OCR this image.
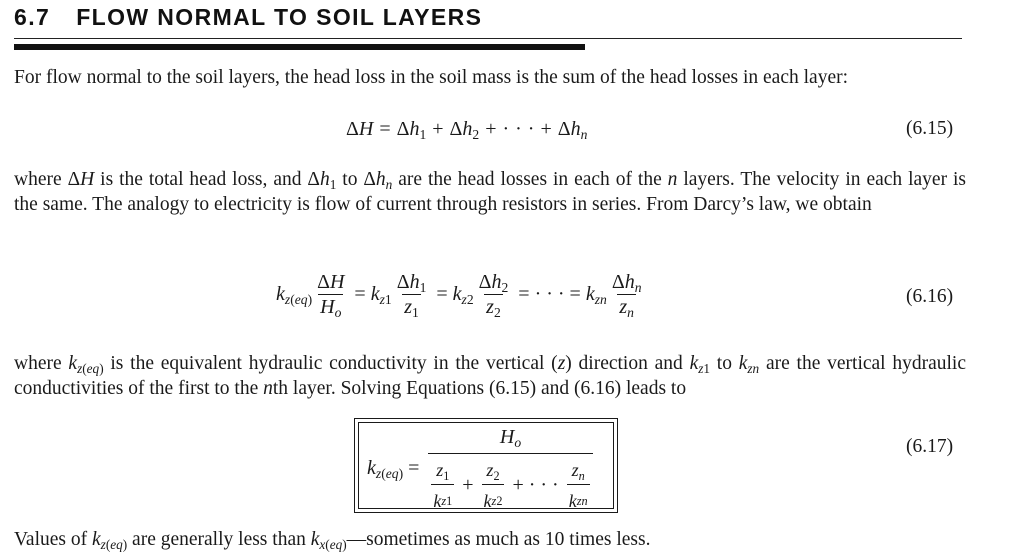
6.7 FLOW NORMAL TO SOIL LAYERS
For flow normal to the soil layers, the head loss in the soil mass is the sum of the head losses in each layer:
$\Delta H = \Delta h_1 + \Delta h_2$ + · · · + $\Delta h_n$	(6.15)
where ΔH is the total head loss, and $\Delta h_1$ to $\Delta h_n$ are the head losses in each of the n layers. The velocity in each layer is the same. The analogy to electricity is flow of current through resistors in series. From Darcy’s law, we obtain
$k_{z(eq)} \frac{\Delta H}{H_o} = k_{z1} \frac{\Delta h_1}{z_1} = k_{z2} \frac{\Delta h_2}{z_2}$ = · · · = $k_{zn} \frac{\Delta h_n}{z_n}$	(6.16)
where $k_{z(eq)}$ is the equivalent hydraulic conductivity in the vertical (z) direction and $k_{z1}$ to $k_{zn}$ are the vertical hydraulic conductivities of the first to the nth layer. Solving Equations (6.15) and (6.16) leads to
$k_{z(eq)}$ =
$H_o$
$\frac{z_1}{\text{k z1}} + \frac{z_2}{\text{k z2}}$ + · · · $\frac{z_n}{\text{k zn}}$
(6.17)
Values of $k_{z(eq)}$ are generally less than $k_{x(eq)}—sometimes$ as much as 10 times less.
